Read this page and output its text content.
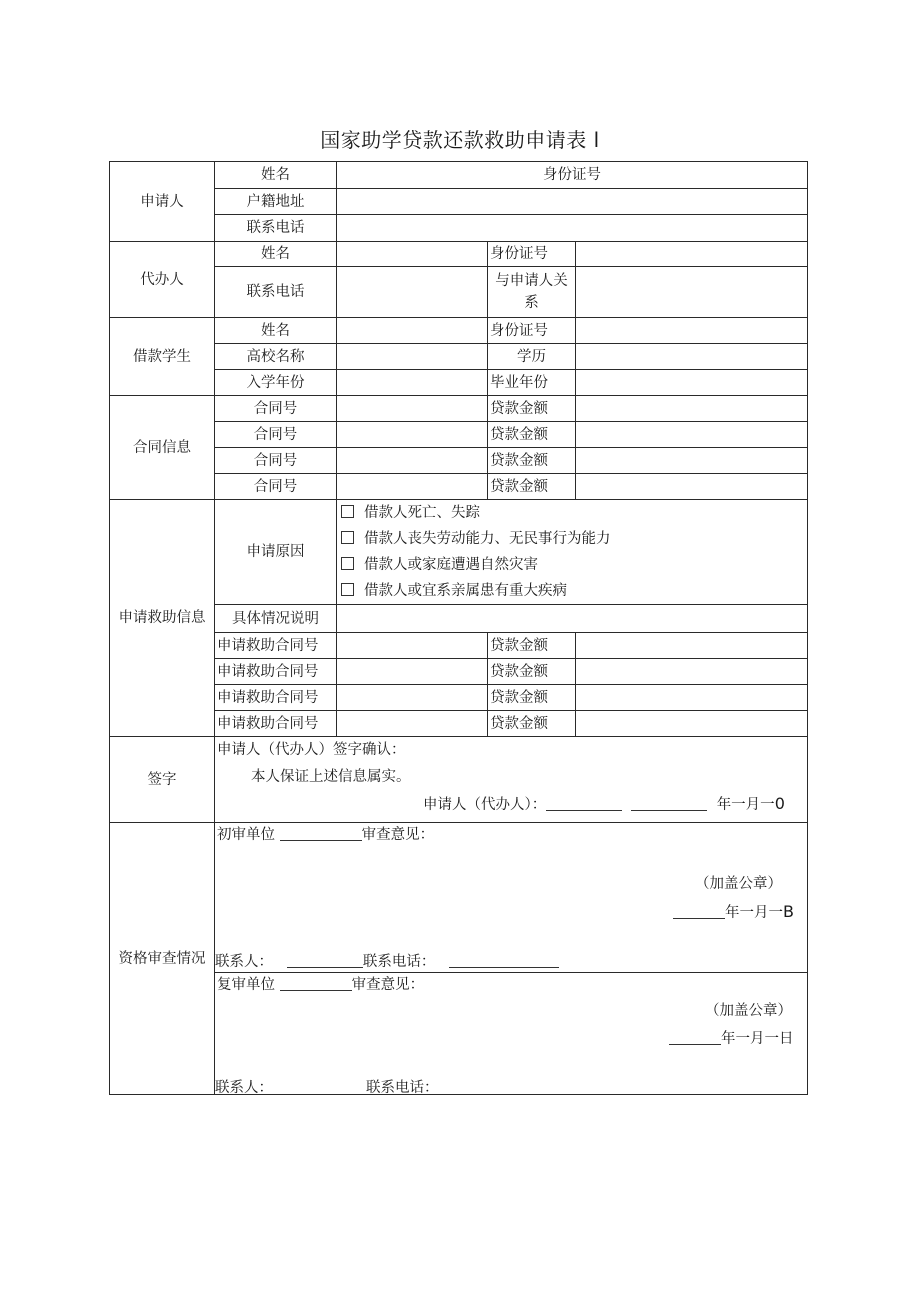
国家助学贷款还款救助申请表 l
申请人	姓名	身份证号		
	户籍地址			
	联系电话			
代办人	姓名		身份证号	
	联系电话		与申请人关系	
借款学生	姓名		身份证号	
	高校名称		学历	
	入学年份		毕业年份	
合同信息	合同号		贷款金额	
	合同号		贷款金额	
	合同号		贷款金额	
	合同号		贷款金额	
申请救助信息	申请原因	借款人死亡、失踪
借款人丧失劳动能力、无民事行为能力
借款人或家庭遭遇自然灾害
借款人或宜系亲属患有重大疾病		

	具体情况说明			
	申请救助合同号		贷款金额	
	申请救助合同号		贷款金额	
	申请救助合同号		贷款金额	
	申请救助合同号		贷款金额	
签字	申请人（代办人）签字确认：
本人保证上述信息属实。
申请人（代办人）： 年一月一0			

资格审查情况	初审单位 审查意见：
（加盖公章）
年一月一B
联系人： 联系电话：			

	复审单位 审查意见：
（加盖公章）
年一月一日
联系人： 联系电话：			
